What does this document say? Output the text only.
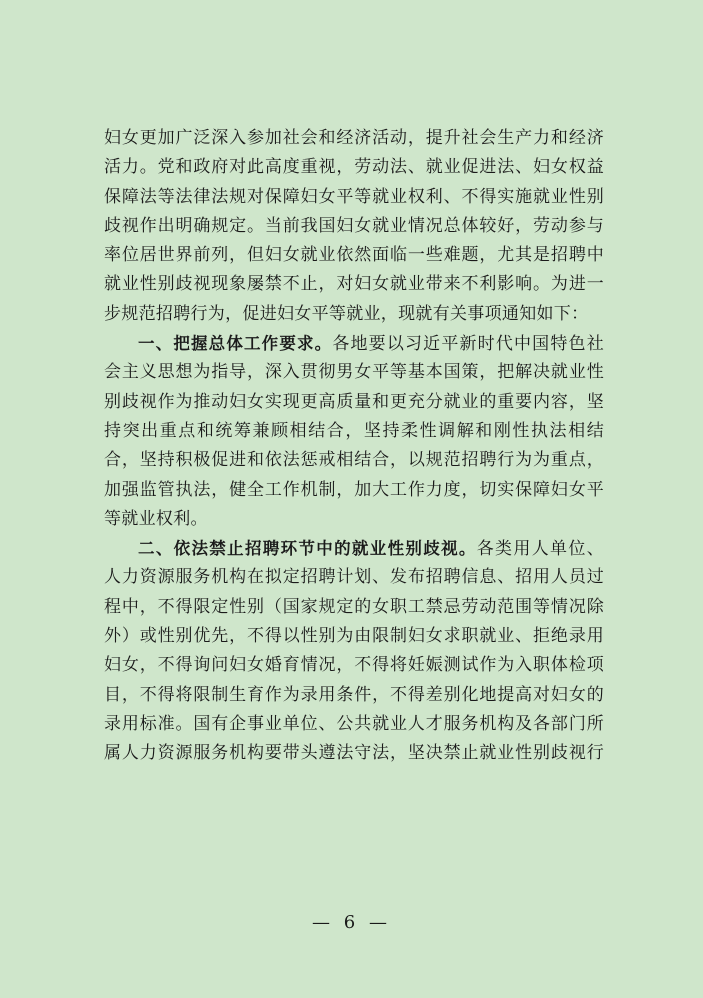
妇女更加广泛深入参加社会和经济活动，提升社会生产力和经济
活力。党和政府对此高度重视，劳动法、就业促进法、妇女权益
保障法等法律法规对保障妇女平等就业权利、不得实施就业性别
歧视作出明确规定。当前我国妇女就业情况总体较好，劳动参与
率位居世界前列，但妇女就业依然面临一些难题，尤其是招聘中
就业性别歧视现象屡禁不止，对妇女就业带来不利影响。为进一
步规范招聘行为，促进妇女平等就业，现就有关事项通知如下：
一、把握总体工作要求。各地要以习近平新时代中国特色社
会主义思想为指导，深入贯彻男女平等基本国策，把解决就业性
别歧视作为推动妇女实现更高质量和更充分就业的重要内容，坚
持突出重点和统筹兼顾相结合，坚持柔性调解和刚性执法相结
合，坚持积极促进和依法惩戒相结合，以规范招聘行为为重点，
加强监管执法，健全工作机制，加大工作力度，切实保障妇女平
等就业权利。
二、依法禁止招聘环节中的就业性别歧视。各类用人单位、
人力资源服务机构在拟定招聘计划、发布招聘信息、招用人员过
程中，不得限定性别（国家规定的女职工禁忌劳动范围等情况除
外）或性别优先，不得以性别为由限制妇女求职就业、拒绝录用
妇女，不得询问妇女婚育情况，不得将妊娠测试作为入职体检项
目，不得将限制生育作为录用条件，不得差别化地提高对妇女的
录用标准。国有企事业单位、公共就业人才服务机构及各部门所
属人力资源服务机构要带头遵法守法，坚决禁止就业性别歧视行
— 6 —
